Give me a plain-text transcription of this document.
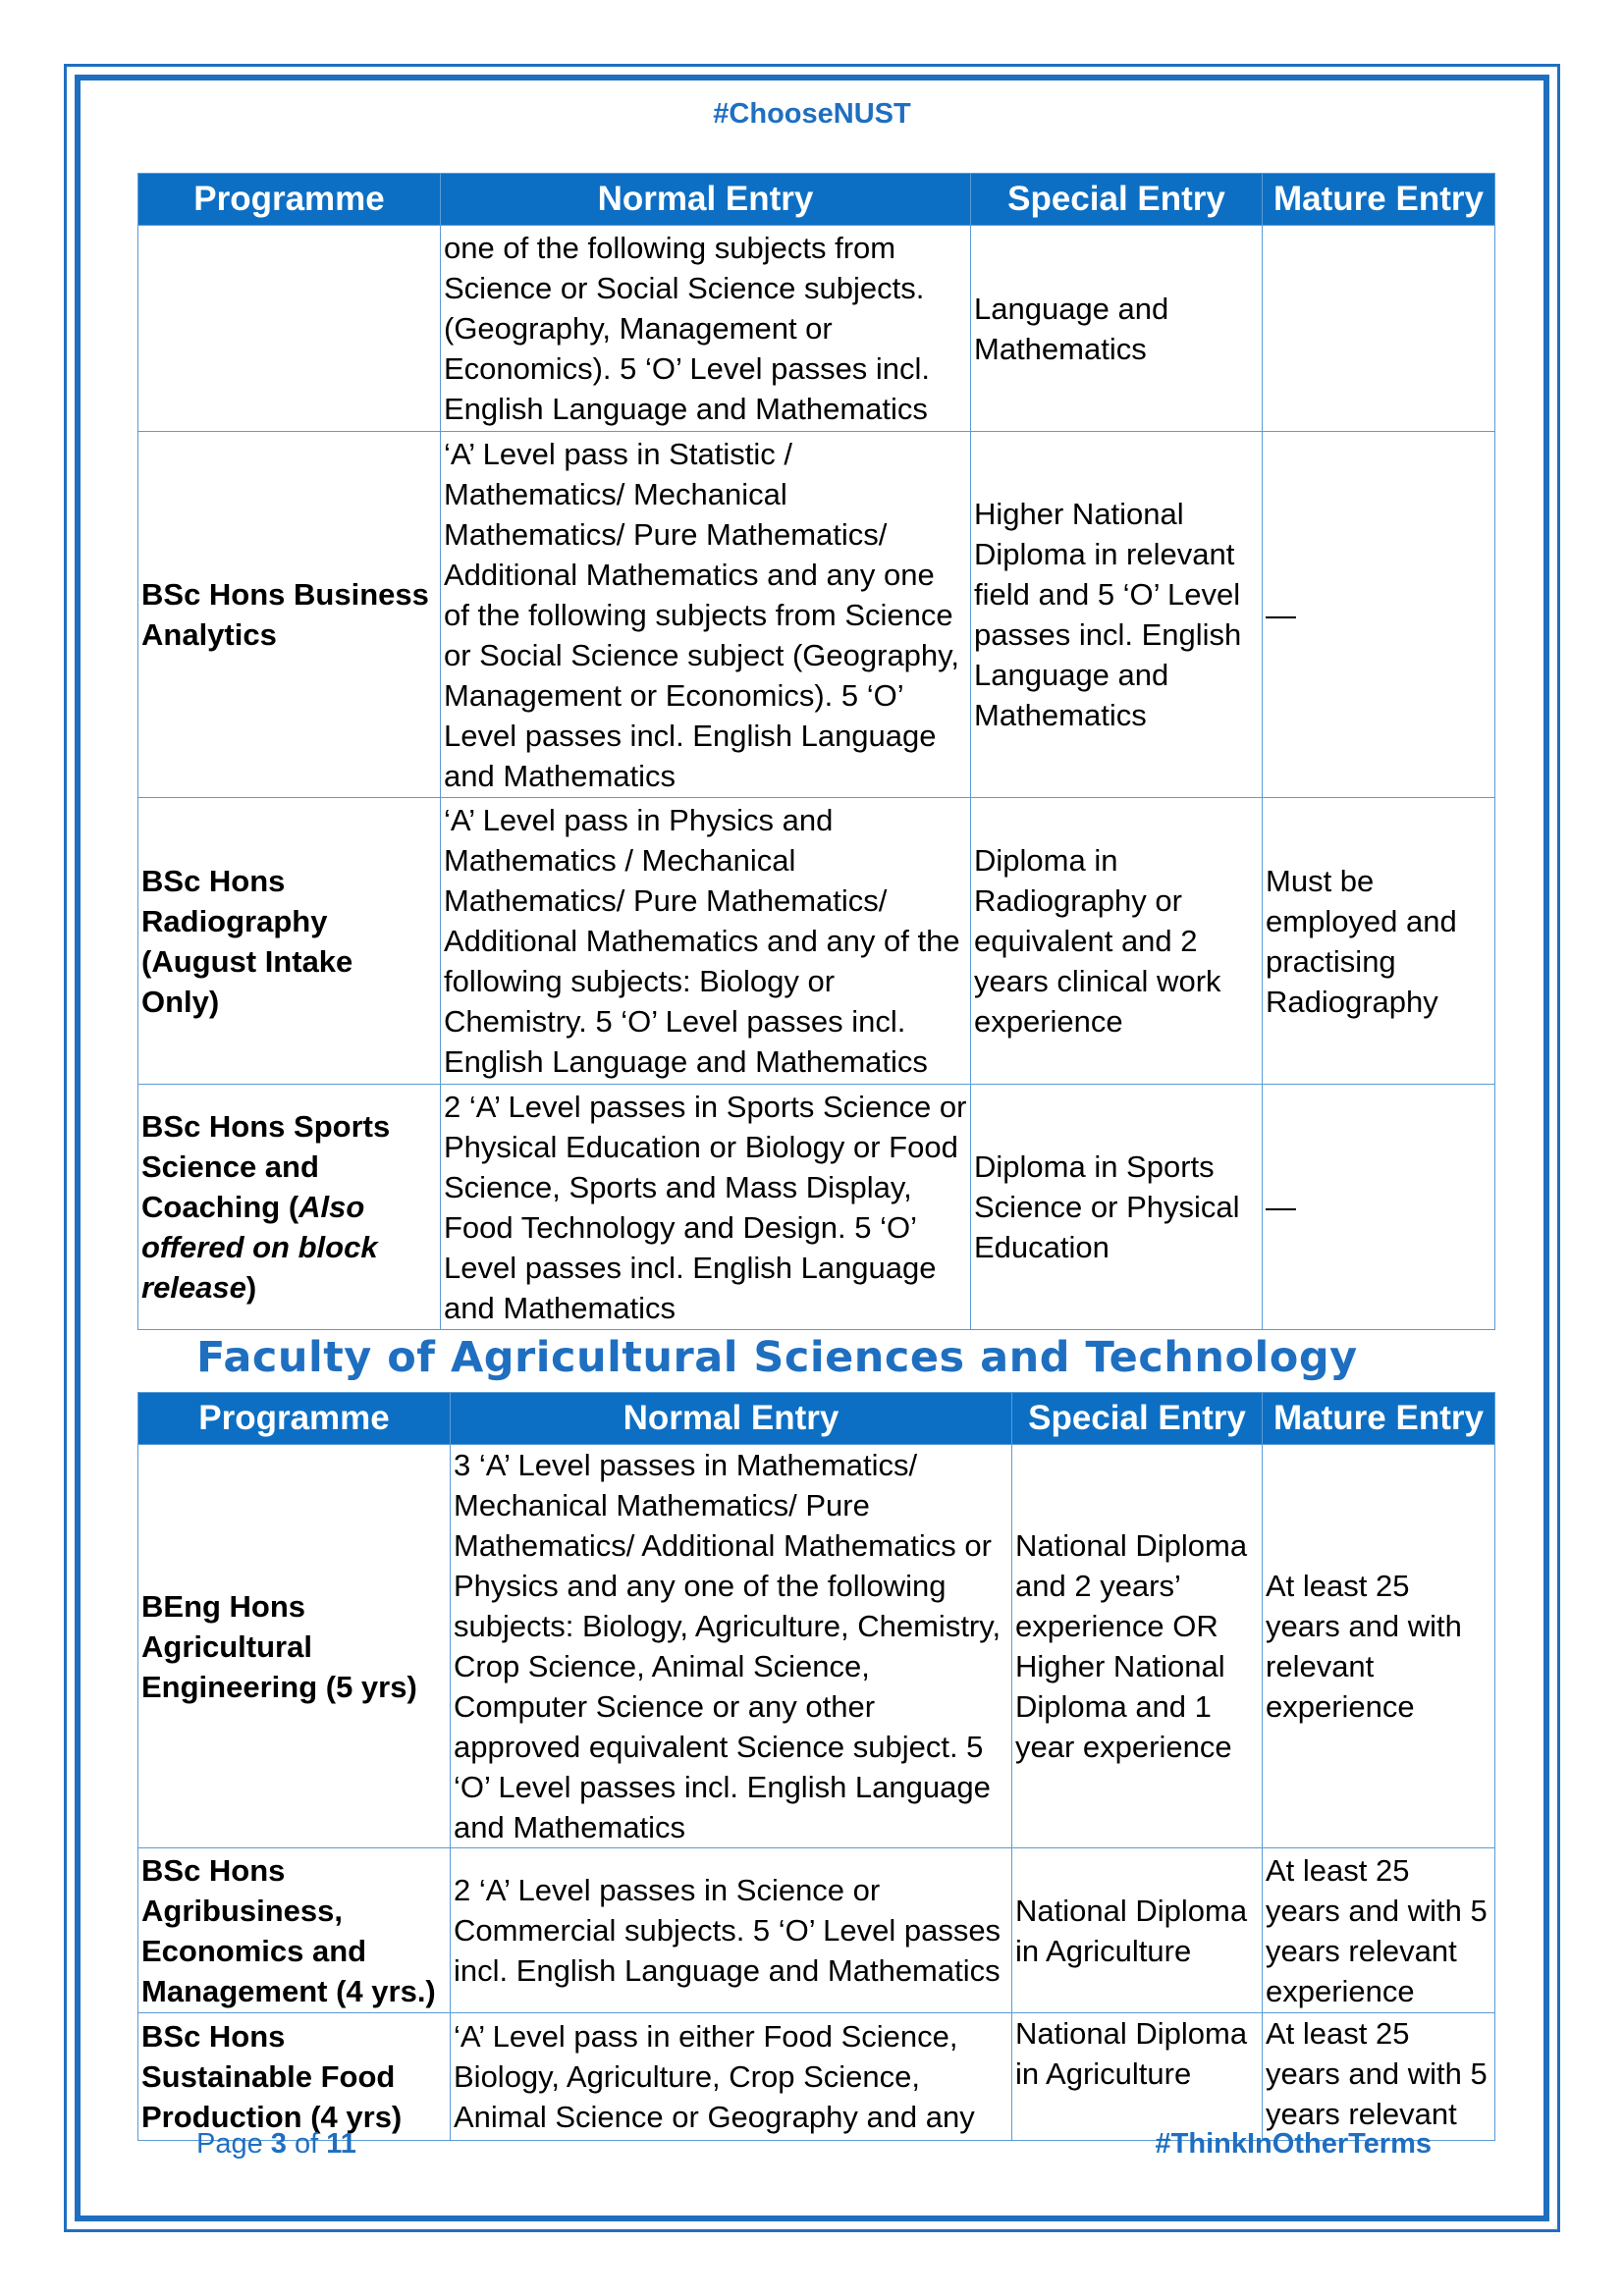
#ChooseNUST
Programme	Normal Entry	Special Entry	Mature Entry
	one of the following subjects from Science or Social Science subjects. (Geography, Management or Economics). 5 ‘O’ Level passes incl. English Language and Mathematics	Language and Mathematics	
BSc Hons Business Analytics	‘A’ Level pass in Statistic / Mathematics/ Mechanical Mathematics/ Pure Mathematics/ Additional Mathematics and any one of the following subjects from Science or Social Science subject (Geography, Management or Economics). 5 ‘O’ Level passes incl. English Language and Mathematics	Higher National Diploma in relevant field and 5 ‘O’ Level passes incl. English Language and Mathematics	—
BSc Hons Radiography (August Intake Only)	‘A’ Level pass in Physics and Mathematics / Mechanical Mathematics/ Pure Mathematics/ Additional Mathematics and any of the following subjects: Biology or Chemistry. 5 ‘O’ Level passes incl. English Language and Mathematics	Diploma in Radiography or equivalent and 2 years clinical work experience	Must be employed and practising Radiography
BSc Hons Sports Science and Coaching (Also offered on block release)	2 ‘A’ Level passes in Sports Science or Physical Education or Biology or Food Science, Sports and Mass Display, Food Technology and Design. 5 ‘O’ Level passes incl. English Language and Mathematics	Diploma in Sports Science or Physical Education	—
Faculty of Agricultural Sciences and Technology
Programme	Normal Entry	Special Entry	Mature Entry
BEng Hons Agricultural Engineering (5 yrs)	3 ‘A’ Level passes in Mathematics/ Mechanical Mathematics/ Pure Mathematics/ Additional Mathematics or Physics and any one of the following subjects: Biology, Agriculture, Chemistry, Crop Science, Animal Science, Computer Science or any other approved equivalent Science subject. 5 ‘O’ Level passes incl. English Language and Mathematics	National Diploma and 2 years’ experience OR Higher National Diploma and 1 year experience	At least 25 years and with relevant experience
BSc Hons Agribusiness, Economics and Management (4 yrs.)	2 ‘A’ Level passes in Science or Commercial subjects. 5 ‘O’ Level passes incl. English Language and Mathematics	National Diploma in Agriculture	At least 25 years and with 5 years relevant experience
BSc Hons Sustainable Food Production (4 yrs)	‘A’ Level pass in either Food Science, Biology, Agriculture, Crop Science, Animal Science or Geography and any	National Diploma in Agriculture	At least 25 years and with 5 years relevant
Page 3 of 11	#ThinkInOtherTerms
